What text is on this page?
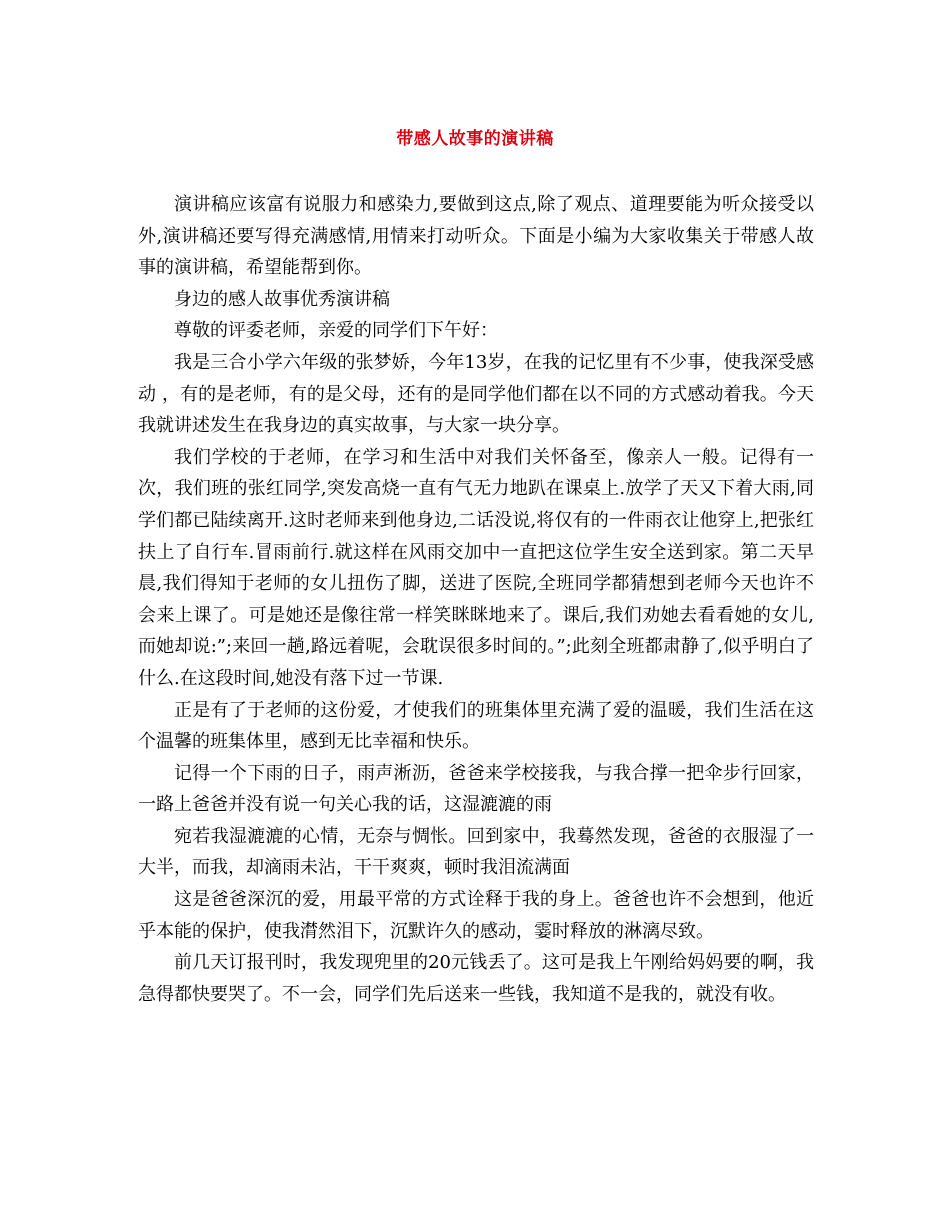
带感人故事的演讲稿

演讲稿应该富有说服力和感染力,要做到这点,除了观点、道理要能为听众接受以外,演讲稿还要写得充满感情,用情来打动听众。下面是小编为大家收集关于带感人故事的演讲稿，希望能帮到你。

身边的感人故事优秀演讲稿

尊敬的评委老师，亲爱的同学们下午好：

我是三合小学六年级的张梦娇，今年13岁，在我的记忆里有不少事，使我深受感动 ，有的是老师，有的是父母，还有的是同学他们都在以不同的方式感动着我。今天我就讲述发生在我身边的真实故事，与大家一块分享。

我们学校的于老师，在学习和生活中对我们关怀备至，像亲人一般。记得有一次，我们班的张红同学,突发高烧一直有气无力地趴在课桌上.放学了天又下着大雨,同学们都已陆续离开.这时老师来到他身边,二话没说,将仅有的一件雨衣让他穿上,把张红扶上了自行车.冒雨前行.就这样在风雨交加中一直把这位学生安全送到家。第二天早晨,我们得知于老师的女儿扭伤了脚，送进了医院,全班同学都猜想到老师今天也许不会来上课了。可是她还是像往常一样笑眯眯地来了。课后,我们劝她去看看她的女儿,而她却说:”;来回一趟,路远着呢，会耽误很多时间的。”;此刻全班都肃静了,似乎明白了什么.在这段时间,她没有落下过一节课.

正是有了于老师的这份爱，才使我们的班集体里充满了爱的温暖，我们生活在这个温馨的班集体里，感到无比幸福和快乐。

记得一个下雨的日子，雨声淅沥，爸爸来学校接我，与我合撑一把伞步行回家，一路上爸爸并没有说一句关心我的话，这湿漉漉的雨

宛若我湿漉漉的心情，无奈与惆怅。回到家中，我蓦然发现，爸爸的衣服湿了一大半，而我，却滴雨未沾，干干爽爽，顿时我泪流满面

这是爸爸深沉的爱，用最平常的方式诠释于我的身上。爸爸也许不会想到，他近乎本能的保护，使我潸然泪下，沉默许久的感动，霎时释放的淋漓尽致。

前几天订报刊时，我发现兜里的20元钱丢了。这可是我上午刚给妈妈要的啊，我急得都快要哭了。不一会，同学们先后送来一些钱，我知道不是我的，就没有收。
